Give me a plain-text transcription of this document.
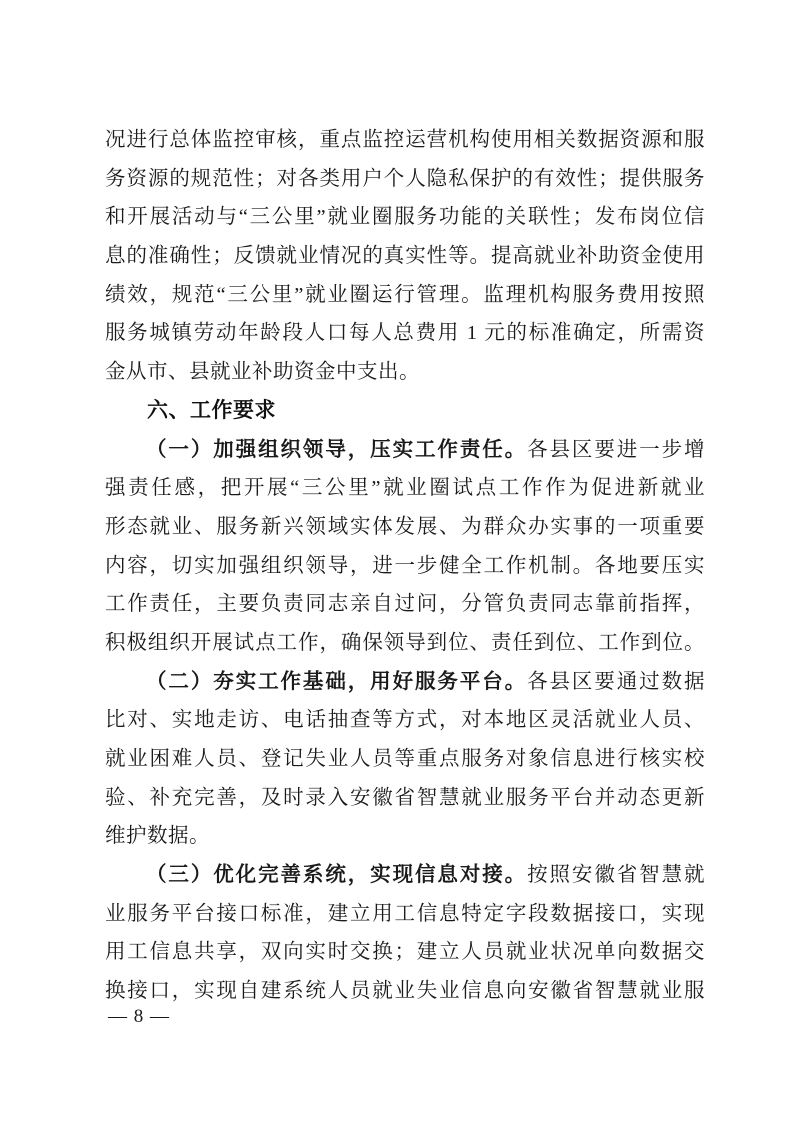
况进行总体监控审核，重点监控运营机构使用相关数据资源和服
务资源的规范性；对各类用户个人隐私保护的有效性；提供服务
和开展活动与“三公里”就业圈服务功能的关联性；发布岗位信
息的准确性；反馈就业情况的真实性等。提高就业补助资金使用
绩效，规范“三公里”就业圈运行管理。监理机构服务费用按照
服务城镇劳动年龄段人口每人总费用 1 元的标准确定，所需资
金从市、县就业补助资金中支出。
六、工作要求
（一）加强组织领导，压实工作责任。各县区要进一步增
强责任感，把开展“三公里”就业圈试点工作作为促进新就业
形态就业、服务新兴领域实体发展、为群众办实事的一项重要
内容，切实加强组织领导，进一步健全工作机制。各地要压实
工作责任，主要负责同志亲自过问，分管负责同志靠前指挥，
积极组织开展试点工作，确保领导到位、责任到位、工作到位。
（二）夯实工作基础，用好服务平台。各县区要通过数据
比对、实地走访、电话抽查等方式，对本地区灵活就业人员、
就业困难人员、登记失业人员等重点服务对象信息进行核实校
验、补充完善，及时录入安徽省智慧就业服务平台并动态更新
维护数据。
（三）优化完善系统，实现信息对接。按照安徽省智慧就
业服务平台接口标准，建立用工信息特定字段数据接口，实现
用工信息共享，双向实时交换；建立人员就业状况单向数据交
换接口，实现自建系统人员就业失业信息向安徽省智慧就业服
— 8 —
